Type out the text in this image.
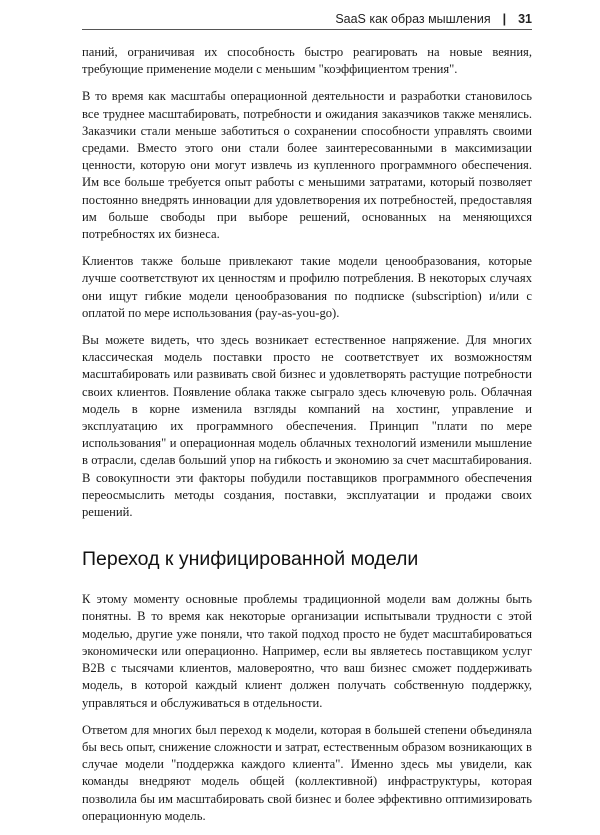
SaaS как образ мышления | 31

паний, ограничивая их способность быстро реагировать на новые веяния, требующие применение модели с меньшим "коэффициентом трения".

В то время как масштабы операционной деятельности и разработки становилось все труднее масштабировать, потребности и ожидания заказчиков также менялись. Заказчики стали меньше заботиться о сохранении способности управлять своими средами. Вместо этого они стали более заинтересованными в максимизации ценности, которую они могут извлечь из купленного программного обеспечения. Им все больше требуется опыт работы с меньшими затратами, который позволяет постоянно внедрять инновации для удовлетворения их потребностей, предоставляя им больше свободы при выборе решений, основанных на меняющихся потребностях их бизнеса.

Клиентов также больше привлекают такие модели ценообразования, которые лучше соответствуют их ценностям и профилю потребления. В некоторых случаях они ищут гибкие модели ценообразования по подписке (subscription) и/или с оплатой по мере использования (pay-as-you-go).

Вы можете видеть, что здесь возникает естественное напряжение. Для многих классическая модель поставки просто не соответствует их возможностям масштабировать или развивать свой бизнес и удовлетворять растущие потребности своих клиентов. Появление облака также сыграло здесь ключевую роль. Облачная модель в корне изменила взгляды компаний на хостинг, управление и эксплуатацию их программного обеспечения. Принцип "плати по мере использования" и операционная модель облачных технологий изменили мышление в отрасли, сделав больший упор на гибкость и экономию за счет масштабирования. В совокупности эти факторы побудили поставщиков программного обеспечения переосмыслить методы создания, поставки, эксплуатации и продажи своих решений.

Переход к унифицированной модели

К этому моменту основные проблемы традиционной модели вам должны быть понятны. В то время как некоторые организации испытывали трудности с этой моделью, другие уже поняли, что такой подход просто не будет масштабироваться экономически или операционно. Например, если вы являетесь поставщиком услуг B2B с тысячами клиентов, маловероятно, что ваш бизнес сможет поддерживать модель, в которой каждый клиент должен получать собственную поддержку, управляться и обслуживаться в отдельности.

Ответом для многих был переход к модели, которая в большей степени объединяла бы весь опыт, снижение сложности и затрат, естественным образом возникающих в случае модели "поддержка каждого клиента". Именно здесь мы увидели, как команды внедряют модель общей (коллективной) инфраструктуры, которая позволила бы им масштабировать свой бизнес и более эффективно оптимизировать операционную модель.
